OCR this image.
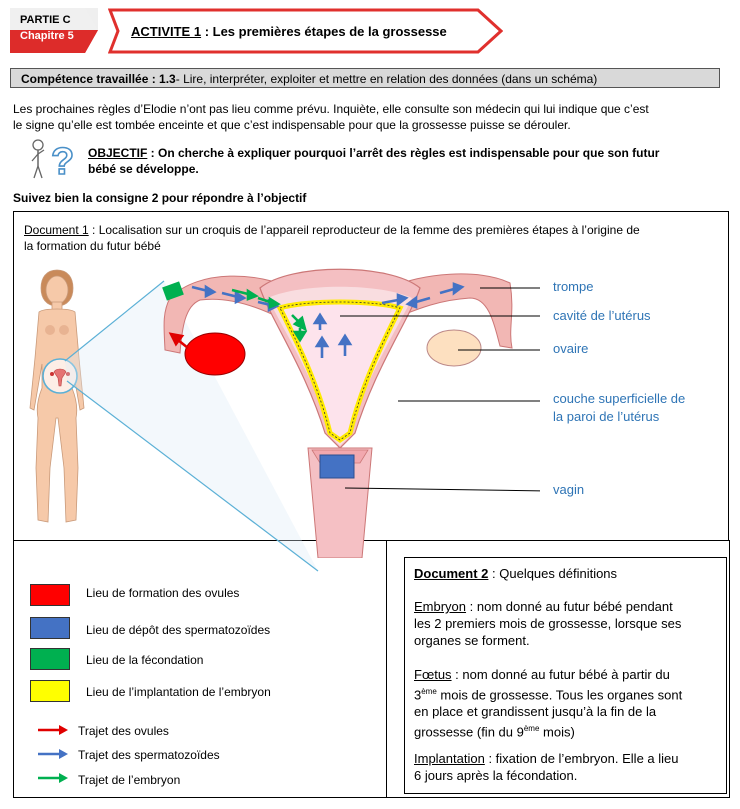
PARTIE C
Chapitre 5	ACTIVITE 1 : Les premières étapes de la grossesse
Compétence travaillée : 1.3- Lire, interpréter, exploiter et mettre en relation des données (dans un schéma)
Les prochaines règles d’Elodie n’ont pas lieu comme prévu. Inquiète, elle consulte son médecin qui lui indique que c’est
le signe qu’elle est tombée enceinte et que c’est indispensable pour que la grossesse puisse se dérouler.
? OBJECTIF : On cherche à expliquer pourquoi l’arrêt des règles est indispensable pour que son futur
bébé se développe.
Suivez bien la consigne 2 pour répondre à l’objectif
Document 1 : Localisation sur un croquis de l’appareil reproducteur de la femme des premières étapes à l’origine de
la formation du futur bébé
trompe
cavité de l’utérus
ovaire
couche superficielle de
la paroi de l’utérus
vagin
Lieu de formation des ovules
Lieu de dépôt des spermatozoïdes
Lieu de la fécondation
Lieu de l’implantation de l’embryon
Trajet des ovules
Trajet des spermatozoïdes
Trajet de l’embryon
Document 2 : Quelques définitions
Embryon : nom donné au futur bébé pendant
les 2 premiers mois de grossesse, lorsque ses
organes se forment.
Fœtus : nom donné au futur bébé à partir du
3ème mois de grossesse. Tous les organes sont
en place et grandissent jusqu’à la fin de la
grossesse (fin du 9ème mois)
Implantation : fixation de l’embryon. Elle a lieu
6 jours après la fécondation.
